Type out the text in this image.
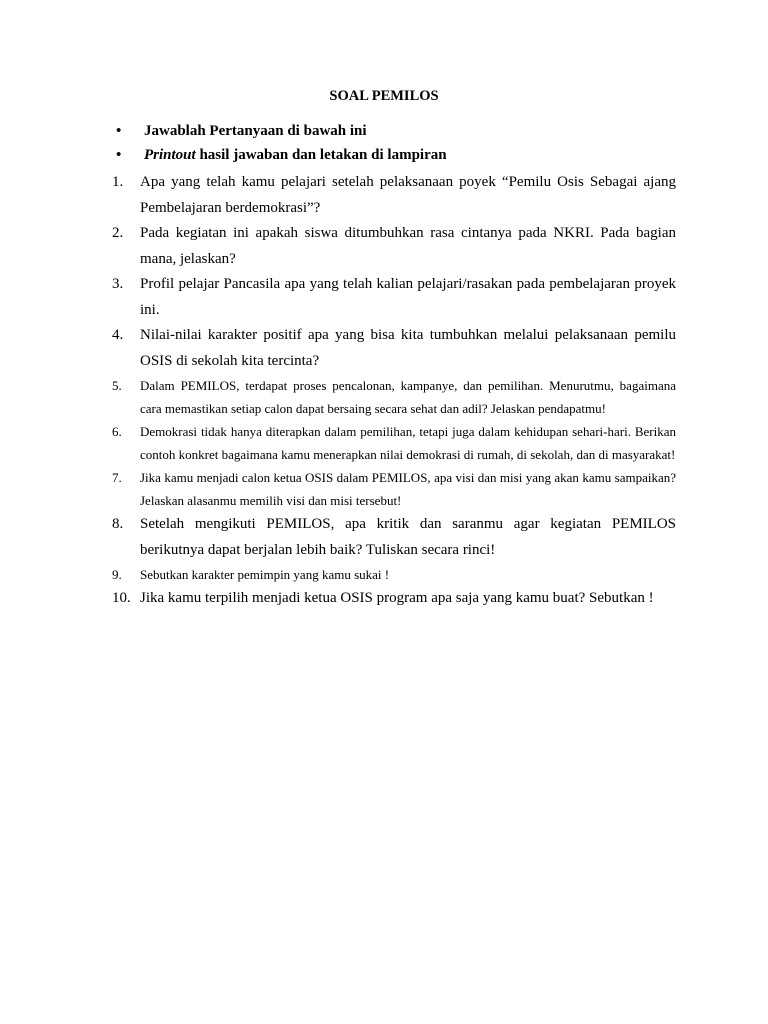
SOAL PEMILOS
•	Jawablah Pertanyaan di bawah ini
•	Printout hasil jawaban dan letakan di lampiran
1.	Apa yang telah kamu pelajari setelah pelaksanaan poyek “Pemilu Osis Sebagai ajang Pembelajaran berdemokrasi”?
2.	Pada kegiatan ini apakah siswa ditumbuhkan rasa cintanya pada NKRI. Pada bagian mana, jelaskan?
3.	Profil pelajar Pancasila apa yang telah kalian pelajari/rasakan pada pembelajaran proyek ini.
4.	Nilai-nilai karakter positif apa yang bisa kita tumbuhkan melalui pelaksanaan pemilu OSIS di sekolah kita tercinta?
5.	Dalam PEMILOS, terdapat proses pencalonan, kampanye, dan pemilihan. Menurutmu, bagaimana cara memastikan setiap calon dapat bersaing secara sehat dan adil? Jelaskan pendapatmu!
6.	Demokrasi tidak hanya diterapkan dalam pemilihan, tetapi juga dalam kehidupan sehari-hari. Berikan contoh konkret bagaimana kamu menerapkan nilai demokrasi di rumah, di sekolah, dan di masyarakat!
7.	Jika kamu menjadi calon ketua OSIS dalam PEMILOS, apa visi dan misi yang akan kamu sampaikan? Jelaskan alasanmu memilih visi dan misi tersebut!
8.	Setelah mengikuti PEMILOS, apa kritik dan saranmu agar kegiatan PEMILOS berikutnya dapat berjalan lebih baik? Tuliskan secara rinci!
9.	Sebutkan karakter pemimpin yang kamu sukai !
10. Jika kamu terpilih menjadi ketua OSIS program apa saja yang kamu buat? Sebutkan !
